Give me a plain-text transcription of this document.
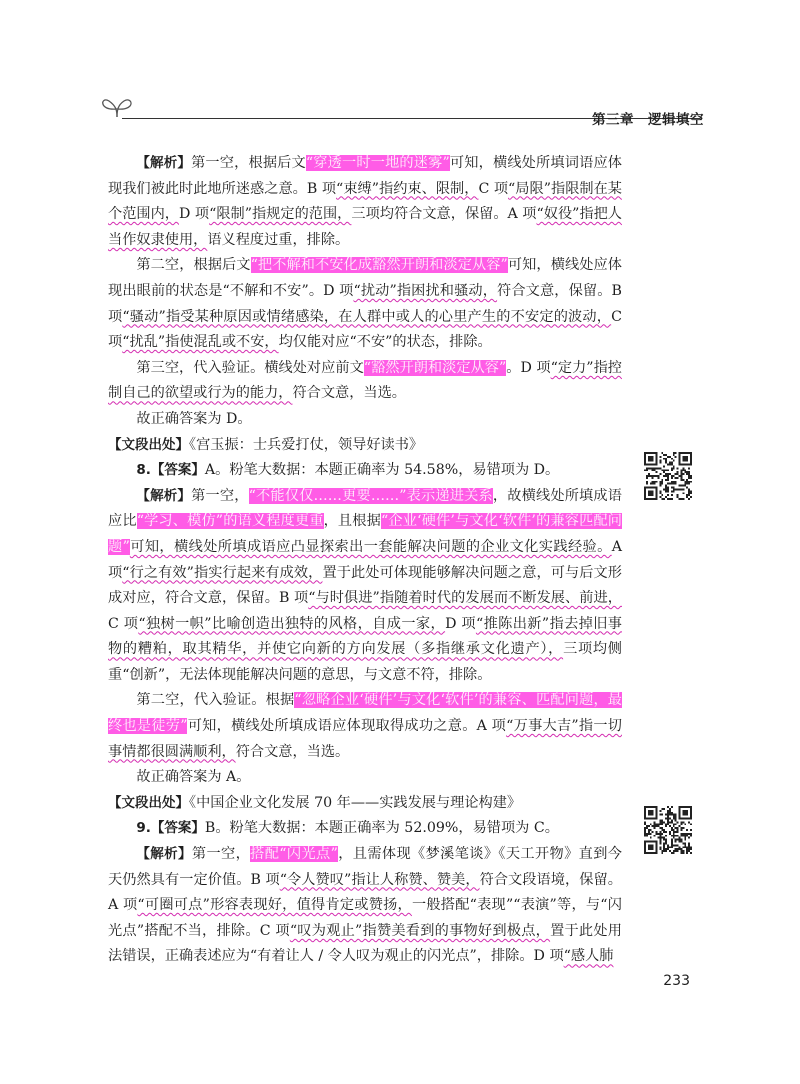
第三章 逻辑填空

【解析】第一空，根据后文“穿透一时一地的迷雾”可知，横线处所填词语应体现我们被此时此地所迷惑之意。B 项“束缚”指约束、限制，C 项“局限”指限制在某个范围内，D 项“限制”指规定的范围，三项均符合文意，保留。A 项“奴役”指把人当作奴隶使用，语义程度过重，排除。

第二空，根据后文“把不解和不安化成豁然开朗和淡定从容”可知，横线处应体现出眼前的状态是“不解和不安”。D 项“扰动”指困扰和骚动，符合文意，保留。B 项“骚动”指受某种原因或情绪感染，在人群中或人的心里产生的不安定的波动，C 项“扰乱”指使混乱或不安，均仅能对应“不安”的状态，排除。

第三空，代入验证。横线处对应前文“豁然开朗和淡定从容”。D 项“定力”指控制自己的欲望或行为的能力，符合文意，当选。

故正确答案为 D。

【文段出处】《宫玉振：士兵爱打仗，领导好读书》

8.【答案】A。粉笔大数据：本题正确率为 54.58%，易错项为 D。

【解析】第一空，“不能仅仅……更要……”表示递进关系，故横线处所填成语应比“学习、模仿”的语义程度更重，且根据“企业‘硬件’与文化‘软件’的兼容匹配问题”可知，横线处所填成语应凸显探索出一套能解决问题的企业文化实践经验。A 项“行之有效”指实行起来有成效，置于此处可体现能够解决问题之意，可与后文形成对应，符合文意，保留。B 项“与时俱进”指随着时代的发展而不断发展、前进，C 项“独树一帜”比喻创造出独特的风格，自成一家，D 项“推陈出新”指去掉旧事物的糟粕，取其精华，并使它向新的方向发展（多指继承文化遗产），三项均侧重“创新”，无法体现能解决问题的意思，与文意不符，排除。

第二空，代入验证。根据“忽略企业‘硬件’与文化‘软件’的兼容、匹配问题，最终也是徒劳”可知，横线处所填成语应体现取得成功之意。A 项“万事大吉”指一切事情都很圆满顺利，符合文意，当选。

故正确答案为 A。

【文段出处】《中国企业文化发展 70 年——实践发展与理论构建》

9.【答案】B。粉笔大数据：本题正确率为 52.09%，易错项为 C。

【解析】第一空，搭配“闪光点”，且需体现《梦溪笔谈》《天工开物》直到今天仍然具有一定价值。B 项“令人赞叹”指让人称赞、赞美，符合文段语境，保留。A 项“可圈可点”形容表现好，值得肯定或赞扬，一般搭配“表现”“表演”等，与“闪光点”搭配不当，排除。C 项“叹为观止”指赞美看到的事物好到极点，置于此处用法错误，正确表述应为“有着让人 / 令人叹为观止的闪光点”，排除。D 项“感人肺

233
